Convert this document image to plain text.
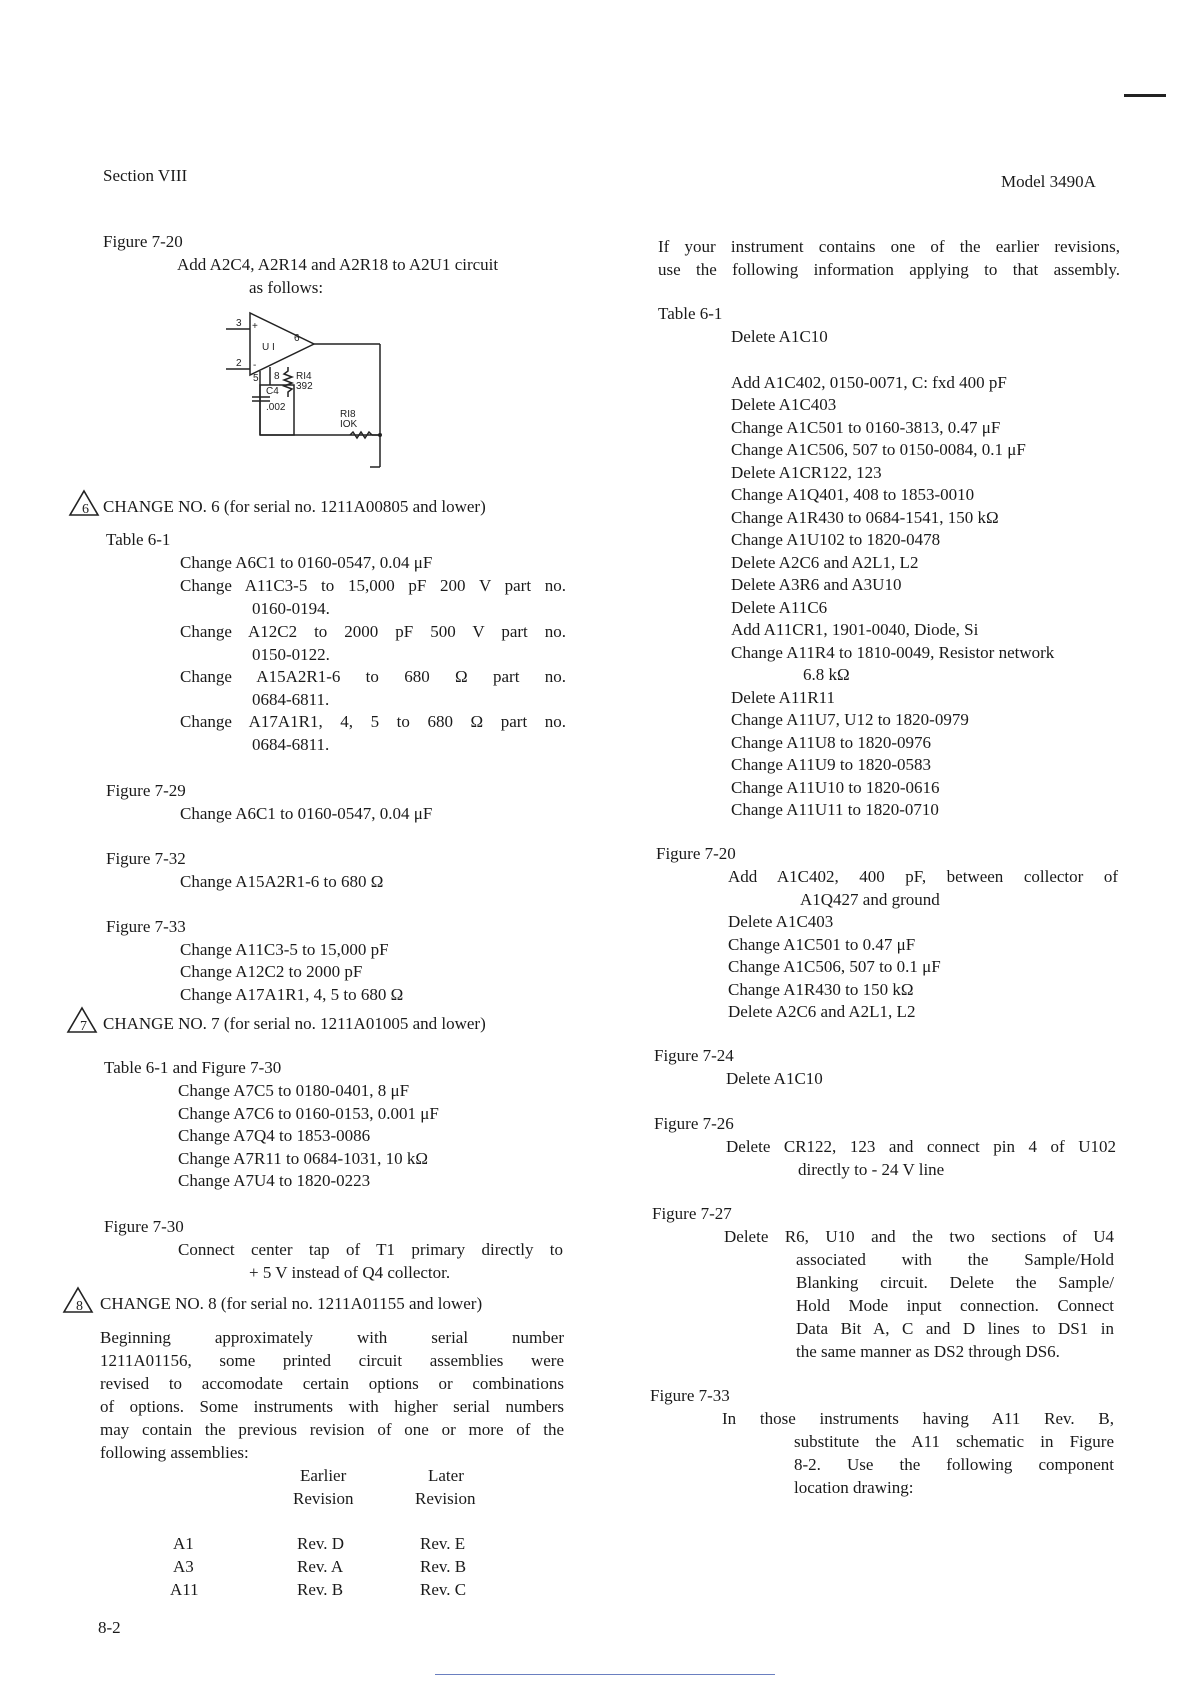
Section VIII	Model 3490A
Figure 7-20
Add A2C4, A2R14 and A2R18 to A2U1 circuit
as follows:
3
2
+
-
U I
6
5 8
C4
.002
RI4
392
RI8
IOK
6 CHANGE NO. 6 (for serial no. 1211A00805 and lower)
Table 6-1
Change A6C1 to 0160-0547, 0.04 μF
Change A11C3-5 to 15,000 pF 200 V part no.
0160-0194.
Change A12C2 to 2000 pF 500 V part no.
0150-0122.
Change A15A2R1-6 to 680 Ω part no.
0684-6811.
Change A17A1R1, 4, 5 to 680 Ω part no.
0684-6811.
Figure 7-29
Change A6C1 to 0160-0547, 0.04 μF
Figure 7-32
Change A15A2R1-6 to 680 Ω
Figure 7-33
Change A11C3-5 to 15,000 pF
Change A12C2 to 2000 pF
Change A17A1R1, 4, 5 to 680 Ω
7 CHANGE NO. 7 (for serial no. 1211A01005 and lower)
Table 6-1 and Figure 7-30
Change A7C5 to 0180-0401, 8 μF
Change A7C6 to 0160-0153, 0.001 μF
Change A7Q4 to 1853-0086
Change A7R11 to 0684-1031, 10 kΩ
Change A7U4 to 1820-0223
Figure 7-30
Connect center tap of T1 primary directly to
+ 5 V instead of Q4 collector.
8 CHANGE NO. 8 (for serial no. 1211A01155 and lower)
Beginning approximately with serial number
1211A01156, some printed circuit assemblies were
revised to accomodate certain options or combinations
of options. Some instruments with higher serial numbers
may contain the previous revision of one or more of the
following assemblies:
Earlier
Revision
Later
Revision
A1	Rev. D	Rev. E
A3	Rev. A	Rev. B
A11	Rev. B	Rev. C
8-2
If your instrument contains one of the earlier revisions,
use the following information applying to that assembly.
Table 6-1
Delete A1C10
Add A1C402, 0150-0071, C: fxd 400 pF
Delete A1C403
Change A1C501 to 0160-3813, 0.47 μF
Change A1C506, 507 to 0150-0084, 0.1 μF
Delete A1CR122, 123
Change A1Q401, 408 to 1853-0010
Change A1R430 to 0684-1541, 150 kΩ
Change A1U102 to 1820-0478
Delete A2C6 and A2L1, L2
Delete A3R6 and A3U10
Delete A11C6
Add A11CR1, 1901-0040, Diode, Si
Change A11R4 to 1810-0049, Resistor network
6.8 kΩ
Delete A11R11
Change A11U7, U12 to 1820-0979
Change A11U8 to 1820-0976
Change A11U9 to 1820-0583
Change A11U10 to 1820-0616
Change A11U11 to 1820-0710
Figure 7-20
Add A1C402, 400 pF, between collector of
A1Q427 and ground
Delete A1C403
Change A1C501 to 0.47 μF
Change A1C506, 507 to 0.1 μF
Change A1R430 to 150 kΩ
Delete A2C6 and A2L1, L2
Figure 7-24
Delete A1C10
Figure 7-26
Delete CR122, 123 and connect pin 4 of U102
directly to - 24 V line
Figure 7-27
Delete R6, U10 and the two sections of U4
associated with the Sample/Hold
Blanking circuit. Delete the Sample/
Hold Mode input connection. Connect
Data Bit A, C and D lines to DS1 in
the same manner as DS2 through DS6.
Figure 7-33
In those instruments having A11 Rev. B,
substitute the A11 schematic in Figure
8-2. Use the following component
location drawing:
